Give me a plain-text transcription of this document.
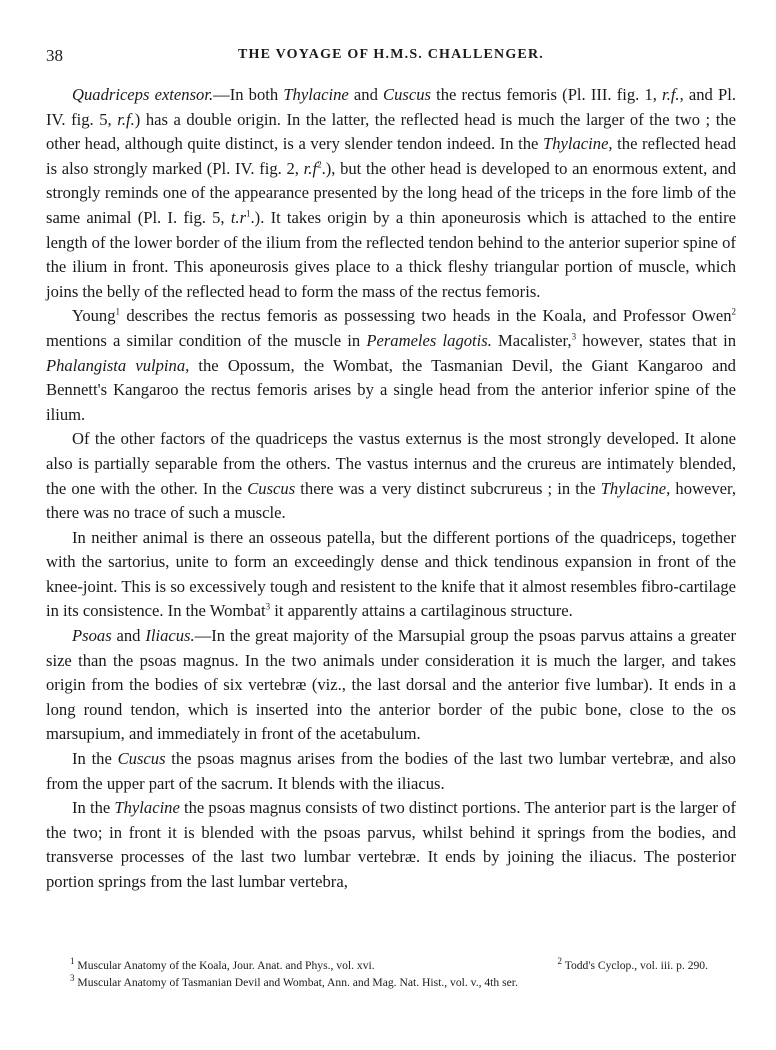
38	THE VOYAGE OF H.M.S. CHALLENGER.

Quadriceps extensor.—In both Thylacine and Cuscus the rectus femoris (Pl. III. fig. 1, r.f., and Pl. IV. fig. 5, r.f.) has a double origin. In the latter, the reflected head is much the larger of the two ; the other head, although quite distinct, is a very slender tendon indeed. In the Thylacine, the reflected head is also strongly marked (Pl. IV. fig. 2, $r.f^2$.), but the other head is developed to an enormous extent, and strongly reminds one of the appearance presented by the long head of the triceps in the fore limb of the same animal (Pl. I. fig. 5, $t.r^1$.). It takes origin by a thin aponeurosis which is attached to the entire length of the lower border of the ilium from the reflected tendon behind to the anterior superior spine of the ilium in front. This aponeurosis gives place to a thick fleshy triangular portion of muscle, which joins the belly of the reflected head to form the mass of the rectus femoris.

Young$^1$ describes the rectus femoris as possessing two heads in the Koala, and Professor Owen$^2$ mentions a similar condition of the muscle in Perameles lagotis. Macalister,$^3$ however, states that in Phalangista vulpina, the Opossum, the Wombat, the Tasmanian Devil, the Giant Kangaroo and Bennett's Kangaroo the rectus femoris arises by a single head from the anterior inferior spine of the ilium.

Of the other factors of the quadriceps the vastus externus is the most strongly developed. It alone also is partially separable from the others. The vastus internus and the crureus are intimately blended, the one with the other. In the Cuscus there was a very distinct subcrureus ; in the Thylacine, however, there was no trace of such a muscle.

In neither animal is there an osseous patella, but the different portions of the quadriceps, together with the sartorius, unite to form an exceedingly dense and thick tendinous expansion in front of the knee-joint. This is so excessively tough and resistent to the knife that it almost resembles fibro-cartilage in its consistence. In the Wombat$^3$ it apparently attains a cartilaginous structure.

Psoas and Iliacus.—In the great majority of the Marsupial group the psoas parvus attains a greater size than the psoas magnus. In the two animals under consideration it is much the larger, and takes origin from the bodies of six vertebræ (viz., the last dorsal and the anterior five lumbar). It ends in a long round tendon, which is inserted into the anterior border of the pubic bone, close to the os marsupium, and immediately in front of the acetabulum.

In the Cuscus the psoas magnus arises from the bodies of the last two lumbar vertebræ, and also from the upper part of the sacrum. It blends with the iliacus.

In the Thylacine the psoas magnus consists of two distinct portions. The anterior part is the larger of the two; in front it is blended with the psoas parvus, whilst behind it springs from the bodies, and transverse processes of the last two lumbar vertebræ. It ends by joining the iliacus. The posterior portion springs from the last lumbar vertebra,

$^1$ Muscular Anatomy of the Koala, Jour. Anat. and Phys., vol. xvi.	$^2$ Todd's Cyclop., vol. iii. p. 290.
$^3$ Muscular Anatomy of Tasmanian Devil and Wombat, Ann. and Mag. Nat. Hist., vol. v., 4th ser.
